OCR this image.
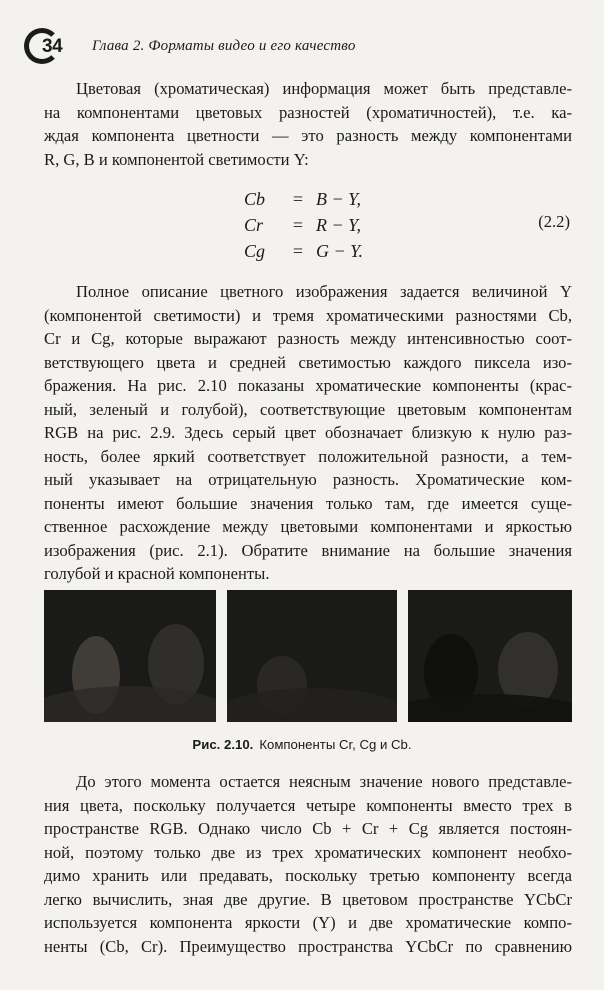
34 Глава 2. Форматы видео и его качество

Цветовая (хроматическая) информация может быть представле-
на компонентами цветовых разностей (хроматичностей), т.е. ка-
ждая компонента цветности — это разность между компонентами
R, G, B и компонентой светимости Y:

Cb	= B − Y,
Cr	= R − Y,
Cg	= G − Y.
(2.2)

Полное описание цветного изображения задается величиной Y
(компонентой светимости) и тремя хроматическими разностями Cb,
Cr и Cg, которые выражают разность между интенсивностью соот-
ветствующего цвета и средней светимостью каждого пиксела изо-
бражения. На рис. 2.10 показаны хроматические компоненты (крас-
ный, зеленый и голубой), соответствующие цветовым компонентам
RGB на рис. 2.9. Здесь серый цвет обозначает близкую к нулю раз-
ность, более яркий соответствует положительной разности, а тем-
ный указывает на отрицательную разность. Хроматические ком-
поненты имеют большие значения только там, где имеется суще-
ственное расхождение между цветовыми компонентами и яркостью
изображения (рис. 2.1). Обратите внимание на большие значения
голубой и красной компоненты.

Рис. 2.10. Компоненты Cr, Cg и Cb.

До этого момента остается неясным значение нового представле-
ния цвета, поскольку получается четыре компоненты вместо трех в
пространстве RGB. Однако число Cb + Cr + Cg является постоян-
ной, поэтому только две из трех хроматических компонент необхо-
димо хранить или предавать, поскольку третью компоненту всегда
легко вычислить, зная две другие. В цветовом пространстве YCbCr
используется компонента яркости (Y) и две хроматические компо-
ненты (Cb, Cr). Преимущество пространства YCbCr по сравнению
